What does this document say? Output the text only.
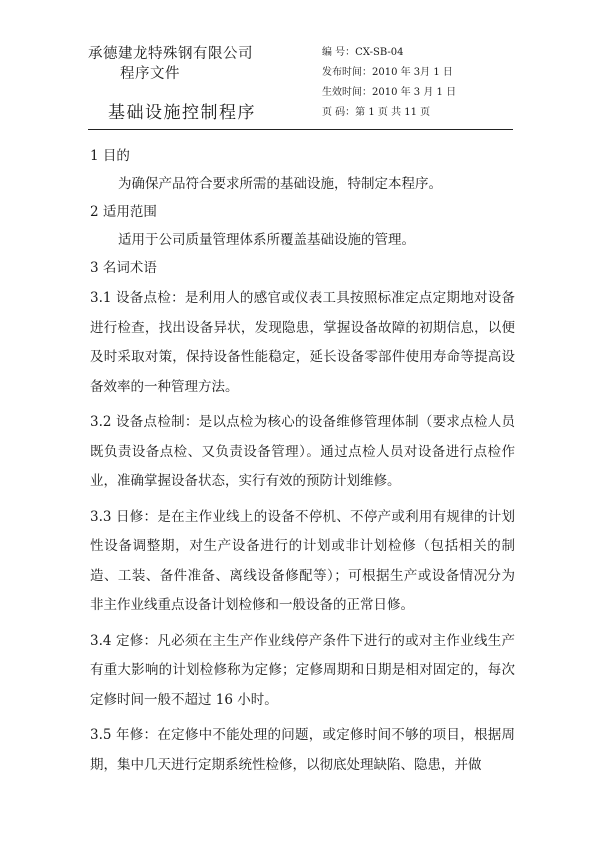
承德建龙特殊钢有限公司
程序文件
基础设施控制程序
编 号：CX-SB-04
发布时间：2010 年 3月 1 日
生效时间：2010 年 3 月 1 日
页 码：第 1 页 共 11 页
1 目的
为确保产品符合要求所需的基础设施，特制定本程序。
2 适用范围
适用于公司质量管理体系所覆盖基础设施的管理。
3 名词术语
3.1 设备点检：是利用人的感官或仪表工具按照标准定点定期地对设备进行检查，找出设备异状，发现隐患，掌握设备故障的初期信息，以便及时采取对策，保持设备性能稳定，延长设备零部件使用寿命等提高设备效率的一种管理方法。
3.2 设备点检制：是以点检为核心的设备维修管理体制（要求点检人员既负责设备点检、又负责设备管理）。通过点检人员对设备进行点检作业，准确掌握设备状态，实行有效的预防计划维修。
3.3 日修：是在主作业线上的设备不停机、不停产或利用有规律的计划性设备调整期，对生产设备进行的计划或非计划检修（包括相关的制造、工装、备件准备、离线设备修配等）；可根据生产或设备情况分为非主作业线重点设备计划检修和一般设备的正常日修。
3.4 定修：凡必须在主生产作业线停产条件下进行的或对主作业线生产有重大影响的计划检修称为定修；定修周期和日期是相对固定的，每次定修时间一般不超过 16 小时。
3.5 年修：在定修中不能处理的问题，或定修时间不够的项目，根据周期，集中几天进行定期系统性检修，以彻底处理缺陷、隐患，并做
